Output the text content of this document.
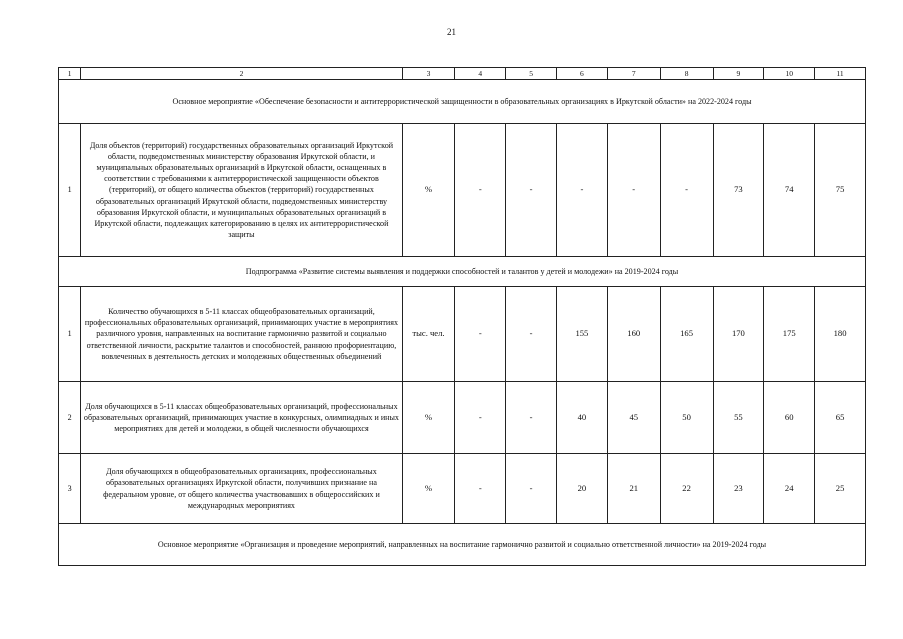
21
1	2	3	4	5	6	7	8	9	10	11
Основное мероприятие «Обеспечение безопасности и антитеррористической защищенности в образовательных организациях в Иркутской области» на 2022-2024 годы										
1	Доля объектов (территорий) государственных образовательных организаций Иркутской области, подведомственных министерству образования Иркутской области, и муниципальных образовательных организаций в Иркутской области, оснащенных в соответствии с требованиями к антитеррористической защищенности объектов (территорий), от общего количества объектов (территорий) государственных образовательных организаций Иркутской области, подведомственных министерству образования Иркутской области, и муниципальных образовательных организаций в Иркутской области, подлежащих категорированию в целях их антитеррористической защиты	%	-	-	-	-	-	73	74	75
Подпрограмма «Развитие системы выявления и поддержки способностей и талантов у детей и молодежи» на 2019-2024 годы										
1	Количество обучающихся в 5-11 классах общеобразовательных организаций, профессиональных образовательных организаций, принимающих участие в мероприятиях различного уровня, направленных на воспитание гармонично развитой и социально ответственной личности, раскрытие талантов и способностей, раннюю профориентацию, вовлеченных в деятельность детских и молодежных общественных объединений	тыс. чел.	-	-	155	160	165	170	175	180
2	Доля обучающихся в 5-11 классах общеобразовательных организаций, профессиональных образовательных организаций, принимающих участие в конкурсных, олимпиадных и иных мероприятиях для детей и молодежи, в общей численности обучающихся	%	-	-	40	45	50	55	60	65
3	Доля обучающихся в общеобразовательных организациях, профессиональных образовательных организациях Иркутской области, получивших признание на федеральном уровне, от общего количества участвовавших в общероссийских и международных мероприятиях	%	-	-	20	21	22	23	24	25
Основное мероприятие «Организация и проведение мероприятий, направленных на воспитание гармонично развитой и социально ответственной личности» на 2019-2024 годы										
